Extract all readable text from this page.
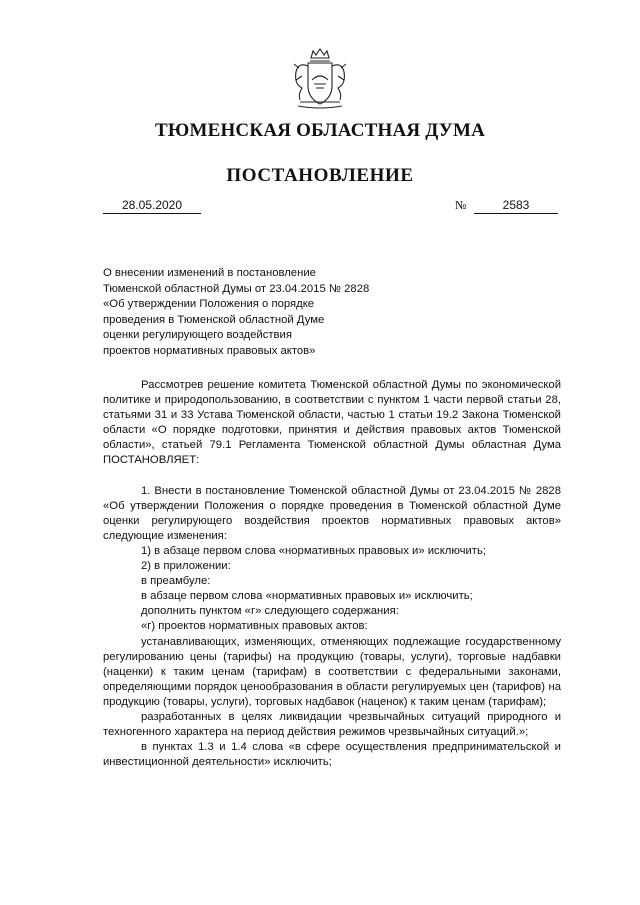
ТЮМЕНСКАЯ ОБЛАСТНАЯ ДУМА
ПОСТАНОВЛЕНИЕ
28.05.2020	№	2583
О внесении изменений в постановление
Тюменской областной Думы от 23.04.2015 № 2828
«Об утверждении Положения о порядке
проведения в Тюменской областной Думе
оценки регулирующего воздействия
проектов нормативных правовых актов»

Рассмотрев решение комитета Тюменской областной Думы по экономической политике и природопользованию, в соответствии с пунктом 1 части первой статьи 28, статьями 31 и 33 Устава Тюменской области, частью 1 статьи 19.2 Закона Тюменской области «О порядке подготовки, принятия и действия правовых актов Тюменской области», статьей 79.1 Регламента Тюменской областной Думы областная Дума ПОСТАНОВЛЯЕТ:

1. Внести в постановление Тюменской областной Думы от 23.04.2015 № 2828 «Об утверждении Положения о порядке проведения в Тюменской областной Думе оценки регулирующего воздействия проектов нормативных правовых актов» следующие изменения:

1) в абзаце первом слова «нормативных правовых и» исключить;

2) в приложении:

в преамбуле:

в абзаце первом слова «нормативных правовых и» исключить;

дополнить пунктом «г» следующего содержания:

«г) проектов нормативных правовых актов:

устанавливающих, изменяющих, отменяющих подлежащие государственному регулированию цены (тарифы) на продукцию (товары, услуги), торговые надбавки (наценки) к таким ценам (тарифам) в соответствии с федеральными законами, определяющими порядок ценообразования в области регулируемых цен (тарифов) на продукцию (товары, услуги), торговых надбавок (наценок) к таким ценам (тарифам);

разработанных в целях ликвидации чрезвычайных ситуаций природного и техногенного характера на период действия режимов чрезвычайных ситуаций.»;

в пунктах 1.3 и 1.4 слова «в сфере осуществления предпринимательской и инвестиционной деятельности» исключить;
